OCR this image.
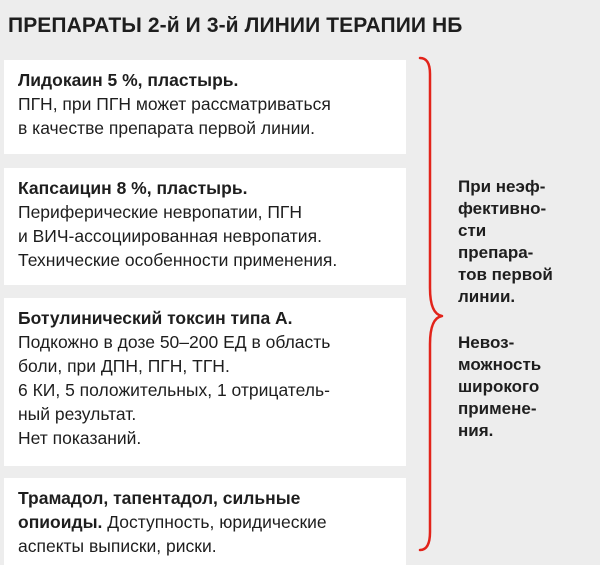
ПРЕПАРАТЫ 2-й И 3-й ЛИНИИ ТЕРАПИИ НБ
Лидокаин 5 %, пластырь.
ПГН, при ПГН может рассматриваться
в качестве препарата первой линии.
Капсаицин 8 %, пластырь.
Периферические невропатии, ПГН
и ВИЧ-ассоциированная невропатия.
Технические особенности применения.
Ботулинический токсин типа А.
Подкожно в дозе 50–200 ЕД в область
боли, при ДПН, ПГН, ТГН.
6 КИ, 5 положительных, 1 отрицатель-
ный результат.
Нет показаний.
Трамадол, тапентадол, сильные
опиоиды. Доступность, юридические
аспекты выписки, риски.
При неэф-
фективно-
сти
препара-
тов первой
линии.
Невоз-
можность
широкого
примене-
ния.
